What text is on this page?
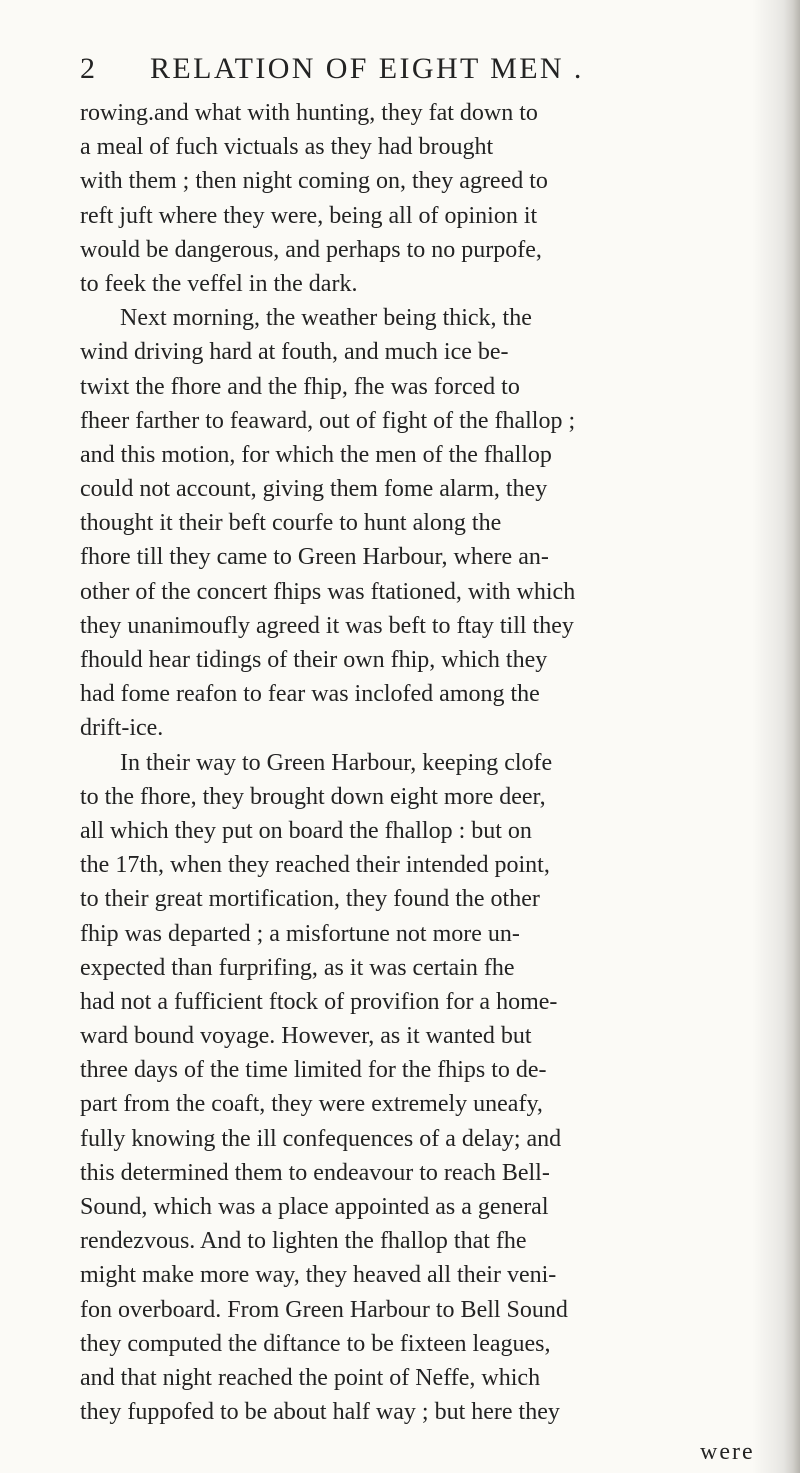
2 RELATION OF EIGHT MEN .
rowing.and what with hunting, they fat down to
a meal of fuch victuals as they had brought
with them ; then night coming on, they agreed to
reft juft where they were, being all of opinion it
would be dangerous, and perhaps to no purpofe,
to feek the veffel in the dark.
Next morning, the weather being thick, the
wind driving hard at fouth, and much ice be-
twixt the fhore and the fhip, fhe was forced to
fheer farther to feaward, out of fight of the fhallop ;
and this motion, for which the men of the fhallop
could not account, giving them fome alarm, they
thought it their beft courfe to hunt along the
fhore till they came to Green Harbour, where an-
other of the concert fhips was ftationed, with which
they unanimoufly agreed it was beft to ftay till they
fhould hear tidings of their own fhip, which they
had fome reafon to fear was inclofed among the
drift-ice.
In their way to Green Harbour, keeping clofe
to the fhore, they brought down eight more deer,
all which they put on board the fhallop : but on
the 17th, when they reached their intended point,
to their great mortification, they found the other
fhip was departed ; a misfortune not more un-
expected than furprifing, as it was certain fhe
had not a fufficient ftock of provifion for a home-
ward bound voyage. However, as it wanted but
three days of the time limited for the fhips to de-
part from the coaft, they were extremely uneafy,
fully knowing the ill confequences of a delay; and
this determined them to endeavour to reach Bell-
Sound, which was a place appointed as a general
rendezvous. And to lighten the fhallop that fhe
might make more way, they heaved all their veni-
fon overboard. From Green Harbour to Bell Sound
they computed the diftance to be fixteen leagues,
and that night reached the point of Neffe, which
they fuppofed to be about half way ; but here they
were
